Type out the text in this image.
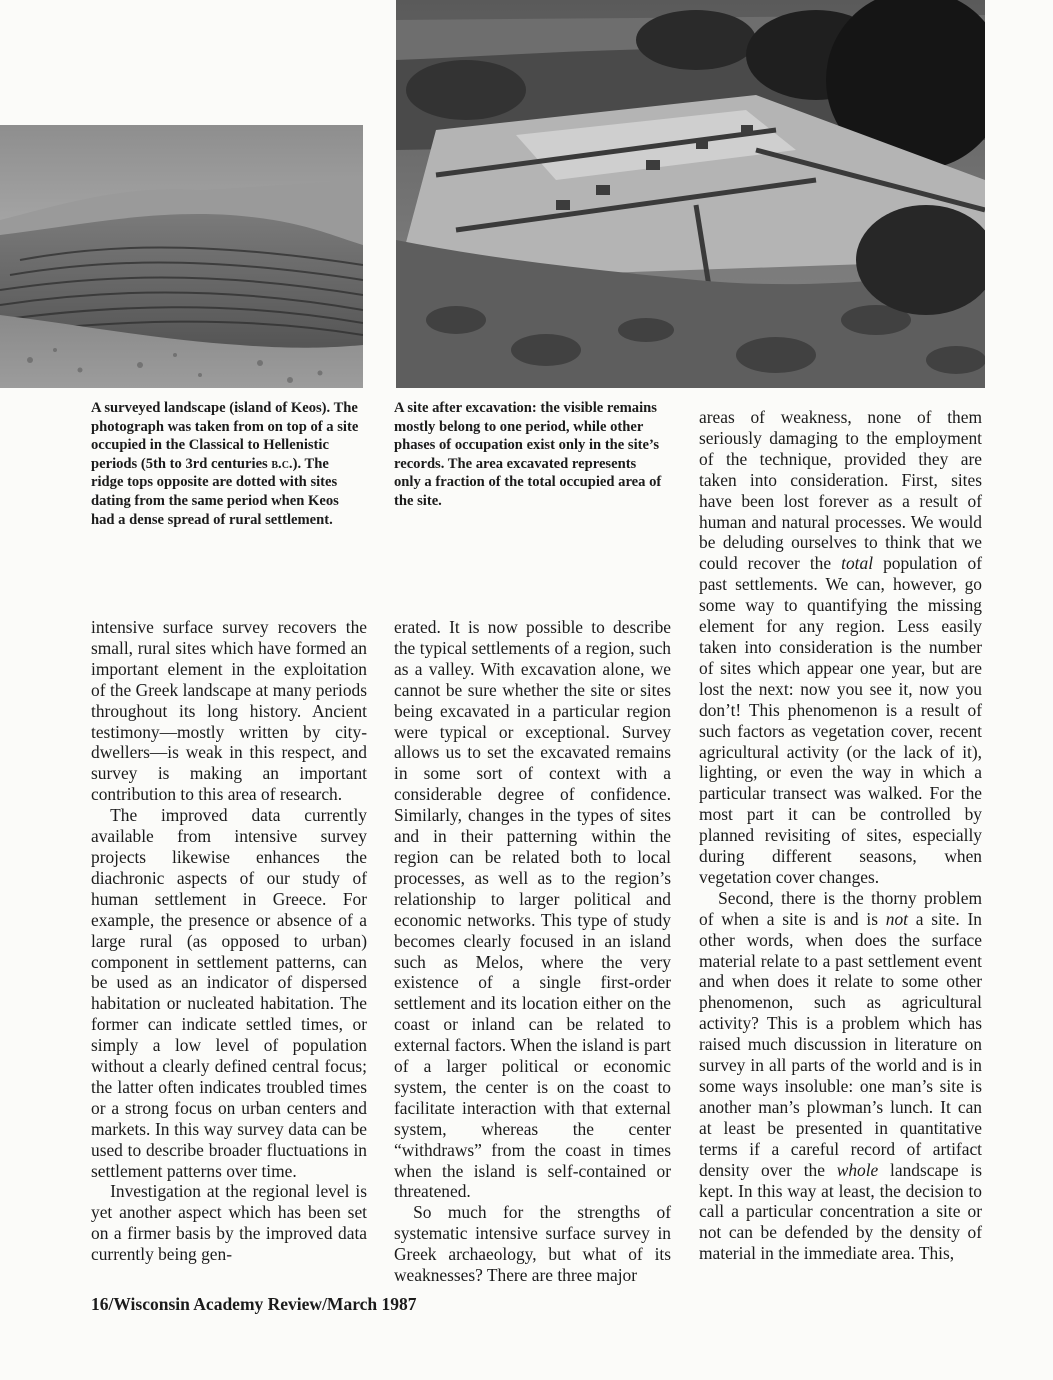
A surveyed landscape (island of Keos). The photograph was taken from on top of a site occupied in the Classical to Hellenistic periods (5th to 3rd centuries b.c.). The ridge tops opposite are dotted with sites dating from the same period when Keos had a dense spread of rural settlement.
A site after excavation: the visible remains mostly belong to one period, while other phases of occupation exist only in the site’s records. The area excavated represents only a fraction of the total occupied area of the site.

intensive surface survey recovers the small, rural sites which have formed an important element in the exploitation of the Greek landscape at many periods throughout its long history. Ancient testimony—mostly written by city-dwellers—is weak in this respect, and survey is making an important contribution to this area of research.

The improved data currently available from intensive survey projects likewise enhances the diachronic aspects of our study of human settlement in Greece. For example, the presence or absence of a large rural (as opposed to urban) component in settlement patterns, can be used as an indicator of dispersed habitation or nucleated habitation. The former can indicate settled times, or simply a low level of population without a clearly defined central focus; the latter often indicates troubled times or a strong focus on urban centers and markets. In this way survey data can be used to describe broader fluctuations in settlement patterns over time.

Investigation at the regional level is yet another aspect which has been set on a firmer basis by the improved data currently being gen-

erated. It is now possible to describe the typical settlements of a region, such as a valley. With excavation alone, we cannot be sure whether the site or sites being excavated in a particular region were typical or exceptional. Survey allows us to set the excavated remains in some sort of context with a considerable degree of confidence. Similarly, changes in the types of sites and in their patterning within the region can be related both to local processes, as well as to the region’s relationship to larger political and economic networks. This type of study becomes clearly focused in an island such as Melos, where the very existence of a single first-order settlement and its location either on the coast or inland can be related to external factors. When the island is part of a larger political or economic system, the center is on the coast to facilitate interaction with that external system, whereas the center “withdraws” from the coast in times when the island is self-contained or threatened.

So much for the strengths of systematic intensive surface survey in Greek archaeology, but what of its weaknesses? There are three major

areas of weakness, none of them seriously damaging to the employment of the technique, provided they are taken into consideration. First, sites have been lost forever as a result of human and natural processes. We would be deluding ourselves to think that we could recover the total population of past settlements. We can, however, go some way to quantifying the missing element for any region. Less easily taken into consideration is the number of sites which appear one year, but are lost the next: now you see it, now you don’t! This phenomenon is a result of such factors as vegetation cover, recent agricultural activity (or the lack of it), lighting, or even the way in which a particular transect was walked. For the most part it can be controlled by planned revisiting of sites, especially during different seasons, when vegetation cover changes.

Second, there is the thorny problem of when a site is and is not a site. In other words, when does the surface material relate to a past settlement event and when does it relate to some other phenomenon, such as agricultural activity? This is a problem which has raised much discussion in literature on survey in all parts of the world and is in some ways insoluble: one man’s site is another man’s plowman’s lunch. It can at least be presented in quantitative terms if a careful record of artifact density over the whole landscape is kept. In this way at least, the decision to call a particular concentration a site or not can be defended by the density of material in the immediate area. This,

16/Wisconsin Academy Review/March 1987
